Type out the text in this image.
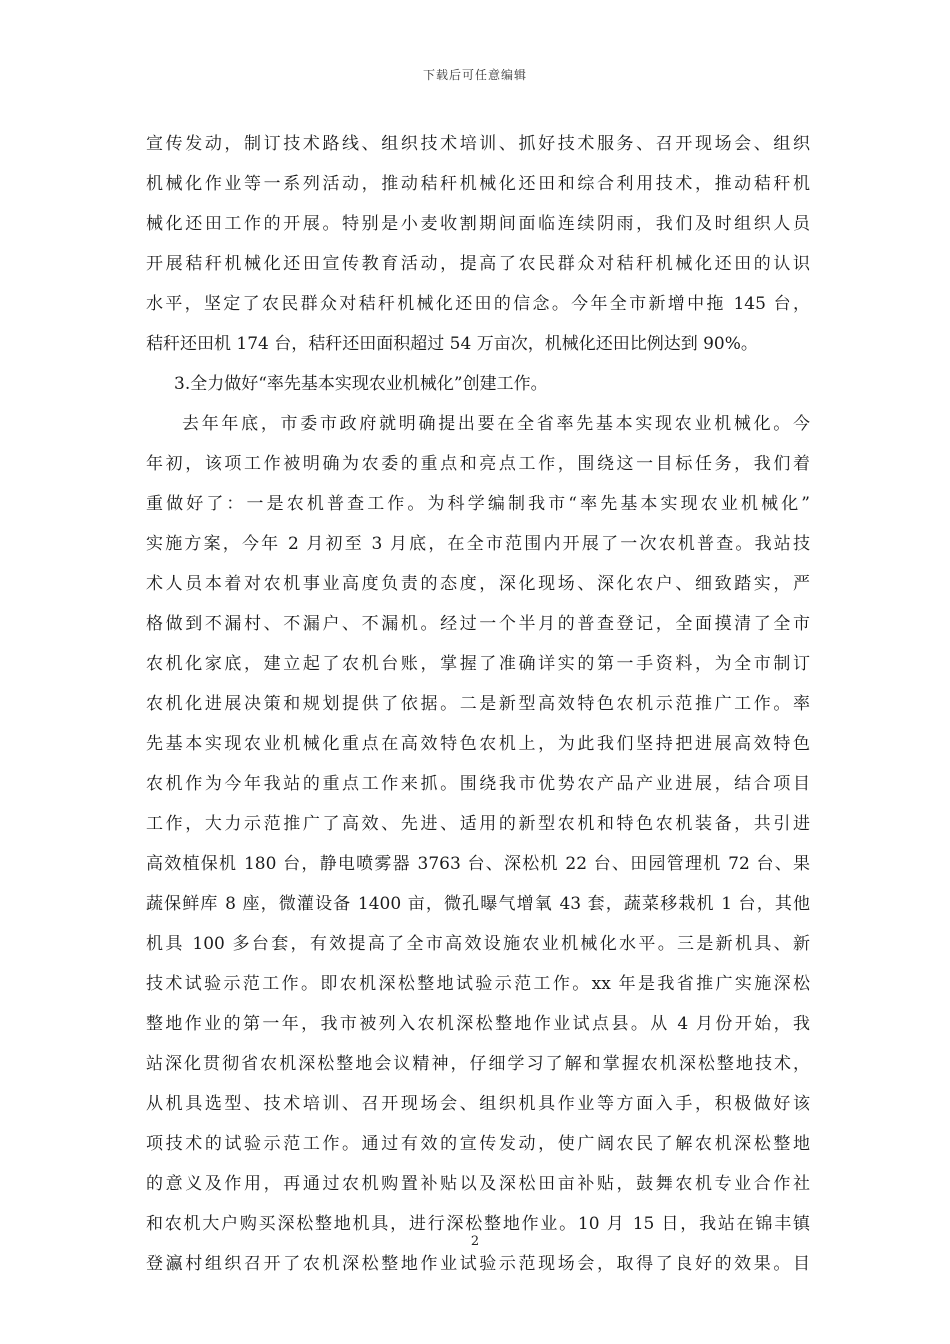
下载后可任意编辑
宣传发动，制订技术路线、组织技术培训、抓好技术服务、召开现场会、组织
机械化作业等一系列活动，推动秸秆机械化还田和综合利用技术，推动秸秆机
械化还田工作的开展。特别是小麦收割期间面临连续阴雨，我们及时组织人员
开展秸秆机械化还田宣传教育活动，提高了农民群众对秸秆机械化还田的认识
水平，坚定了农民群众对秸秆机械化还田的信念。今年全市新增中拖 145 台，
秸秆还田机 174 台，秸秆还田面积超过 54 万亩次，机械化还田比例达到 90%。
3.全力做好“率先基本实现农业机械化”创建工作。
去年年底，市委市政府就明确提出要在全省率先基本实现农业机械化。今
年初，该项工作被明确为农委的重点和亮点工作，围绕这一目标任务，我们着
重做好了：一是农机普查工作。为科学编制我市“率先基本实现农业机械化”
实施方案，今年 2 月初至 3 月底，在全市范围内开展了一次农机普查。我站技
术人员本着对农机事业高度负责的态度，深化现场、深化农户、细致踏实，严
格做到不漏村、不漏户、不漏机。经过一个半月的普查登记，全面摸清了全市
农机化家底，建立起了农机台账，掌握了准确详实的第一手资料，为全市制订
农机化进展决策和规划提供了依据。二是新型高效特色农机示范推广工作。率
先基本实现农业机械化重点在高效特色农机上，为此我们坚持把进展高效特色
农机作为今年我站的重点工作来抓。围绕我市优势农产品产业进展，结合项目
工作，大力示范推广了高效、先进、适用的新型农机和特色农机装备，共引进
高效植保机 180 台，静电喷雾器 3763 台、深松机 22 台、田园管理机 72 台、果
蔬保鲜库 8 座，微灌设备 1400 亩，微孔曝气增氧 43 套，蔬菜移栽机 1 台，其他
机具 100 多台套，有效提高了全市高效设施农业机械化水平。三是新机具、新
技术试验示范工作。即农机深松整地试验示范工作。xx 年是我省推广实施深松
整地作业的第一年，我市被列入农机深松整地作业试点县。从 4 月份开始，我
站深化贯彻省农机深松整地会议精神，仔细学习了解和掌握农机深松整地技术，
从机具选型、技术培训、召开现场会、组织机具作业等方面入手，积极做好该
项技术的试验示范工作。通过有效的宣传发动，使广阔农民了解农机深松整地
的意义及作用，再通过农机购置补贴以及深松田亩补贴，鼓舞农机专业合作社
和农机大户购买深松整地机具，进行深松整地作业。10 月 15 日，我站在锦丰镇
登瀛村组织召开了农机深松整地作业试验示范现场会，取得了良好的效果。目
2
